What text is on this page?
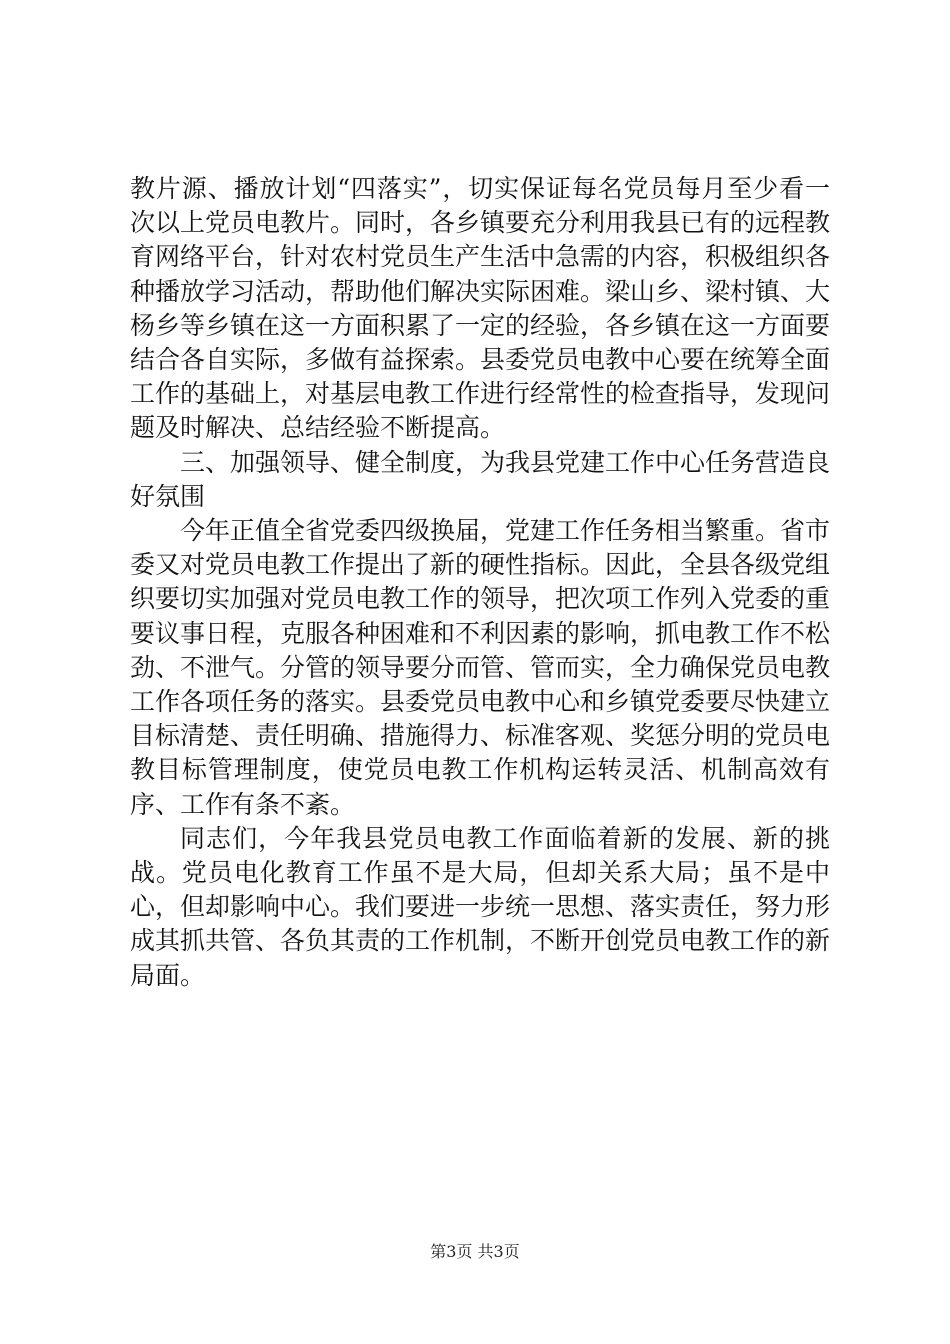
教片源、播放计划“四落实”，切实保证每名党员每月至少看一次以上党员电教片。同时，各乡镇要充分利用我县已有的远程教育网络平台，针对农村党员生产生活中急需的内容，积极组织各种播放学习活动，帮助他们解决实际困难。梁山乡、梁村镇、大杨乡等乡镇在这一方面积累了一定的经验，各乡镇在这一方面要结合各自实际，多做有益探索。县委党员电教中心要在统筹全面工作的基础上，对基层电教工作进行经常性的检查指导，发现问题及时解决、总结经验不断提高。

三、加强领导、健全制度，为我县党建工作中心任务营造良好氛围

今年正值全省党委四级换届，党建工作任务相当繁重。省市委又对党员电教工作提出了新的硬性指标。因此，全县各级党组织要切实加强对党员电教工作的领导，把次项工作列入党委的重要议事日程，克服各种困难和不利因素的影响，抓电教工作不松劲、不泄气。分管的领导要分而管、管而实，全力确保党员电教工作各项任务的落实。县委党员电教中心和乡镇党委要尽快建立目标清楚、责任明确、措施得力、标准客观、奖惩分明的党员电教目标管理制度，使党员电教工作机构运转灵活、机制高效有序、工作有条不紊。

同志们，今年我县党员电教工作面临着新的发展、新的挑战。党员电化教育工作虽不是大局，但却关系大局；虽不是中心，但却影响中心。我们要进一步统一思想、落实责任，努力形成其抓共管、各负其责的工作机制，不断开创党员电教工作的新局面。

第3页 共3页
